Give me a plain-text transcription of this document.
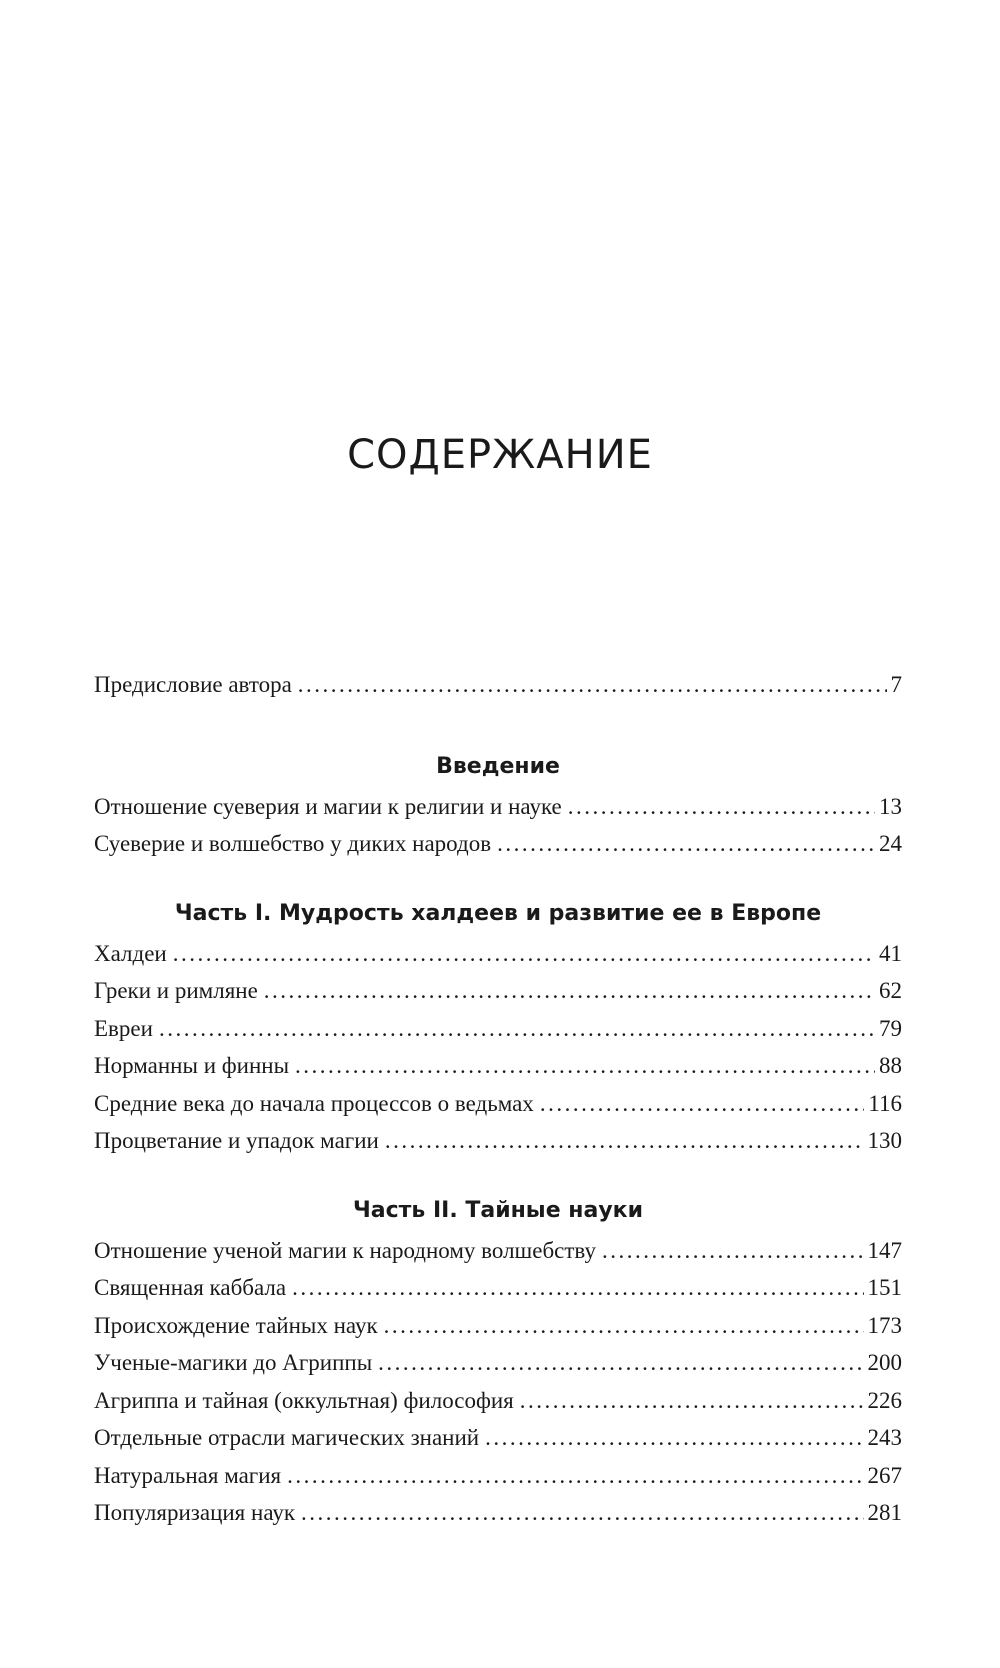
СОДЕРЖАНИЕ
Предисловие автора .....	7
Введение
Отношение суеверия и магии к религии и науке .....	13
Суеверие и волшебство у диких народов .....	24
Часть I. Мудрость халдеев и развитие ее в Европе
Халдеи .....	41
Греки и римляне .....	62
Евреи .....	79
Норманны и финны .....	88
Средние века до начала процессов о ведьмах .....	116
Процветание и упадок магии .....	130
Часть II. Тайные науки
Отношение ученой магии к народному волшебству .....	147
Священная каббала .....	151
Происхождение тайных наук .....	173
Ученые-магики до Агриппы .....	200
Агриппа и тайная (оккультная) философия .....	226
Отдельные отрасли магических знаний .....	243
Натуральная магия .....	267
Популяризация наук .....	281
